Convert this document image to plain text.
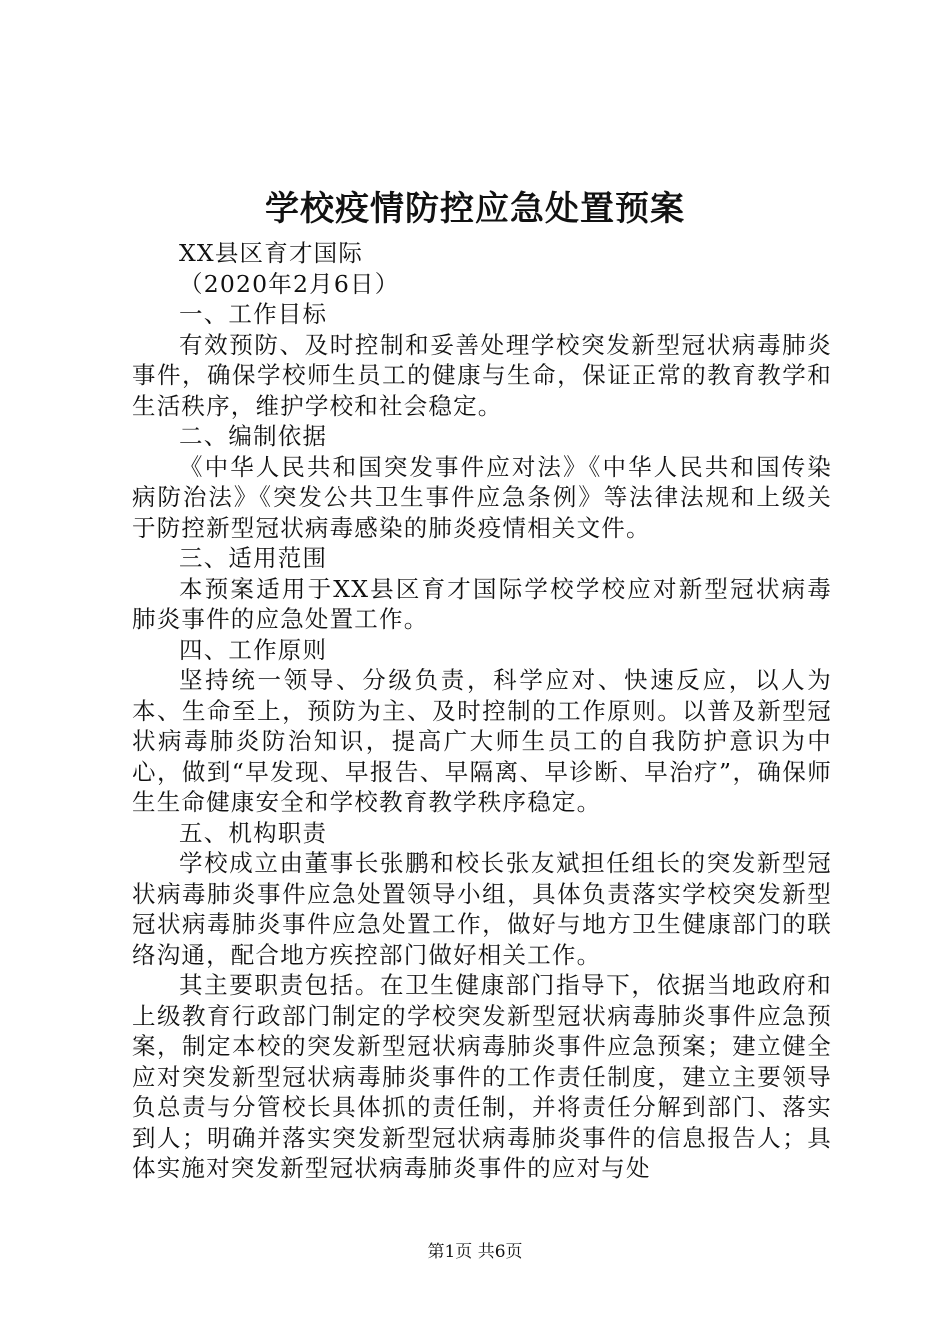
学校疫情防控应急处置预案

XX县区育才国际

（2020年2月6日）

一、工作目标

有效预防、及时控制和妥善处理学校突发新型冠状病毒肺炎事件，确保学校师生员工的健康与生命，保证正常的教育教学和生活秩序，维护学校和社会稳定。

二、编制依据

《中华人民共和国突发事件应对法》《中华人民共和国传染病防治法》《突发公共卫生事件应急条例》等法律法规和上级关于防控新型冠状病毒感染的肺炎疫情相关文件。

三、适用范围

本预案适用于XX县区育才国际学校学校应对新型冠状病毒肺炎事件的应急处置工作。

四、工作原则

坚持统一领导、分级负责，科学应对、快速反应，以人为本、生命至上，预防为主、及时控制的工作原则。以普及新型冠状病毒肺炎防治知识，提高广大师生员工的自我防护意识为中心，做到“早发现、早报告、早隔离、早诊断、早治疗”，确保师生生命健康安全和学校教育教学秩序稳定。

五、机构职责

学校成立由董事长张鹏和校长张友斌担任组长的突发新型冠状病毒肺炎事件应急处置领导小组，具体负责落实学校突发新型冠状病毒肺炎事件应急处置工作，做好与地方卫生健康部门的联络沟通，配合地方疾控部门做好相关工作。

其主要职责包括。在卫生健康部门指导下，依据当地政府和上级教育行政部门制定的学校突发新型冠状病毒肺炎事件应急预案，制定本校的突发新型冠状病毒肺炎事件应急预案；建立健全应对突发新型冠状病毒肺炎事件的工作责任制度，建立主要领导负总责与分管校长具体抓的责任制，并将责任分解到部门、落实到人；明确并落实突发新型冠状病毒肺炎事件的信息报告人；具体实施对突发新型冠状病毒肺炎事件的应对与处

第1页 共6页
